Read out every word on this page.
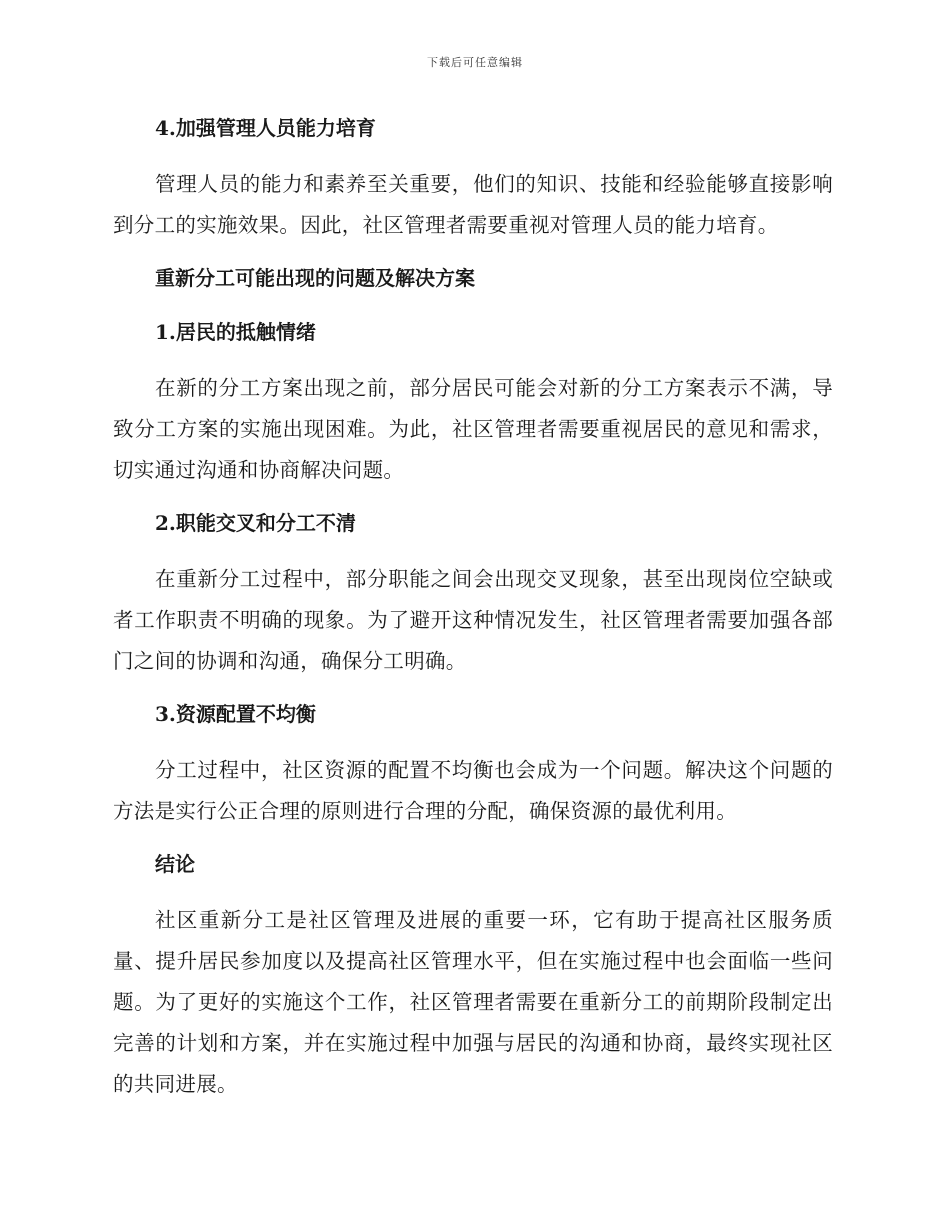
下载后可任意编辑
4.加强管理人员能力培育

管理人员的能力和素养至关重要，他们的知识、技能和经验能够直接影响到分工的实施效果。因此，社区管理者需要重视对管理人员的能力培育。

重新分工可能出现的问题及解决方案
1.居民的抵触情绪

在新的分工方案出现之前，部分居民可能会对新的分工方案表示不满，导致分工方案的实施出现困难。为此，社区管理者需要重视居民的意见和需求，切实通过沟通和协商解决问题。

2.职能交叉和分工不清

在重新分工过程中，部分职能之间会出现交叉现象，甚至出现岗位空缺或者工作职责不明确的现象。为了避开这种情况发生，社区管理者需要加强各部门之间的协调和沟通，确保分工明确。

3.资源配置不均衡

分工过程中，社区资源的配置不均衡也会成为一个问题。解决这个问题的方法是实行公正合理的原则进行合理的分配，确保资源的最优利用。

结论

社区重新分工是社区管理及进展的重要一环，它有助于提高社区服务质量、提升居民参加度以及提高社区管理水平，但在实施过程中也会面临一些问题。为了更好的实施这个工作，社区管理者需要在重新分工的前期阶段制定出完善的计划和方案，并在实施过程中加强与居民的沟通和协商，最终实现社区的共同进展。
